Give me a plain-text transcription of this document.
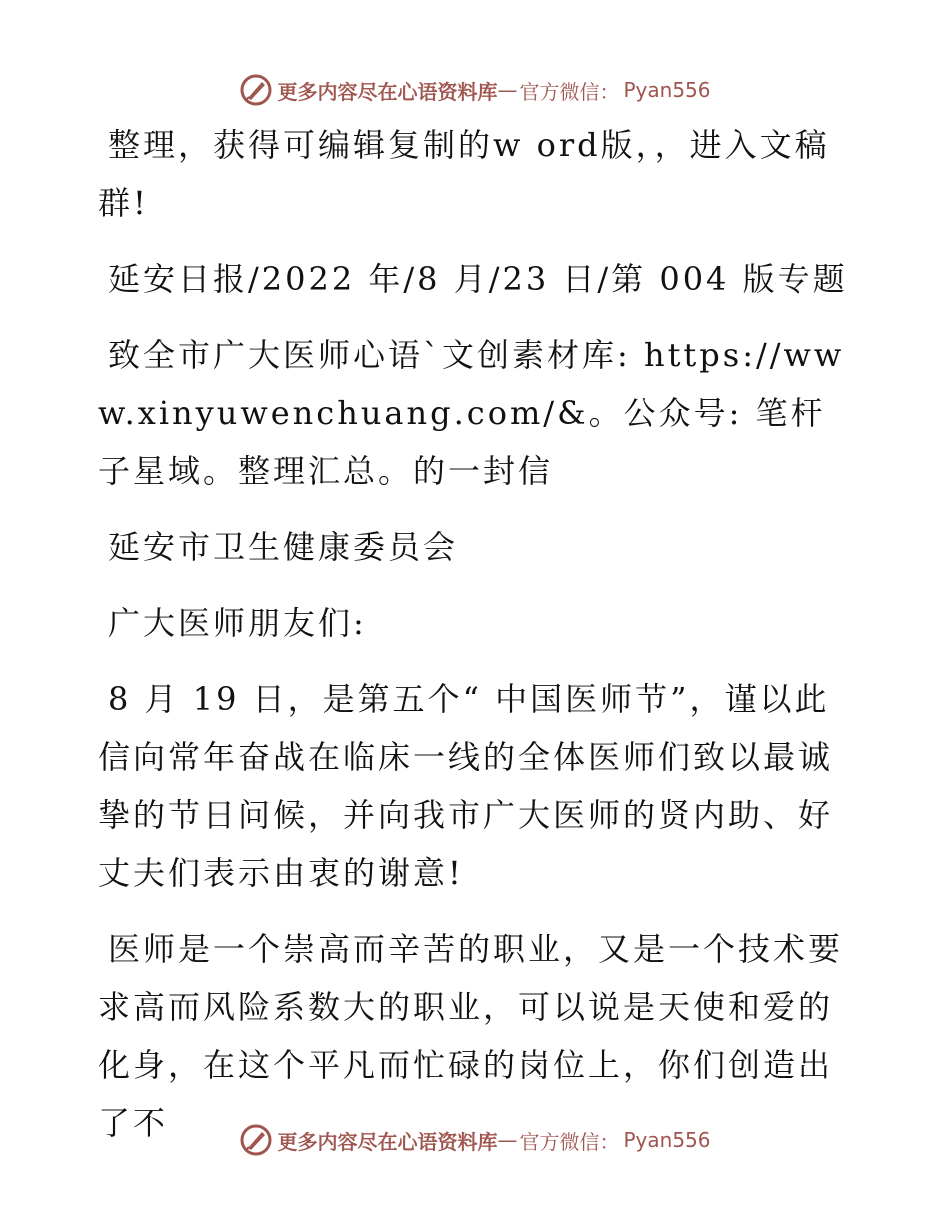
更多内容尽在心语资料库 — 官方微信： Pyan556

整理，获得可编辑复制的w ord版，，进入文稿群!

延安日报/2022 年/8 月/23 日/第 004 版专题

致全市广大医师心语`文创素材库: https://www.xinyuwenchuang.com/&。公众号: 笔杆子星域。整理汇总。的一封信

延安市卫生健康委员会

广大医师朋友们:

8 月 19 日，是第五个“ 中国医师节”，谨以此信向常年奋战在临床一线的全体医师们致以最诚挚的节日问候，并向我市广大医师的贤内助、好丈夫们表示由衷的谢意!

医师是一个崇高而辛苦的职业，又是一个技术要求高而风险系数大的职业，可以说是天使和爱的化身，在这个平凡而忙碌的岗位上，你们创造出了不	更多内容尽在心语资料库 — 官方微信： Pyan556
